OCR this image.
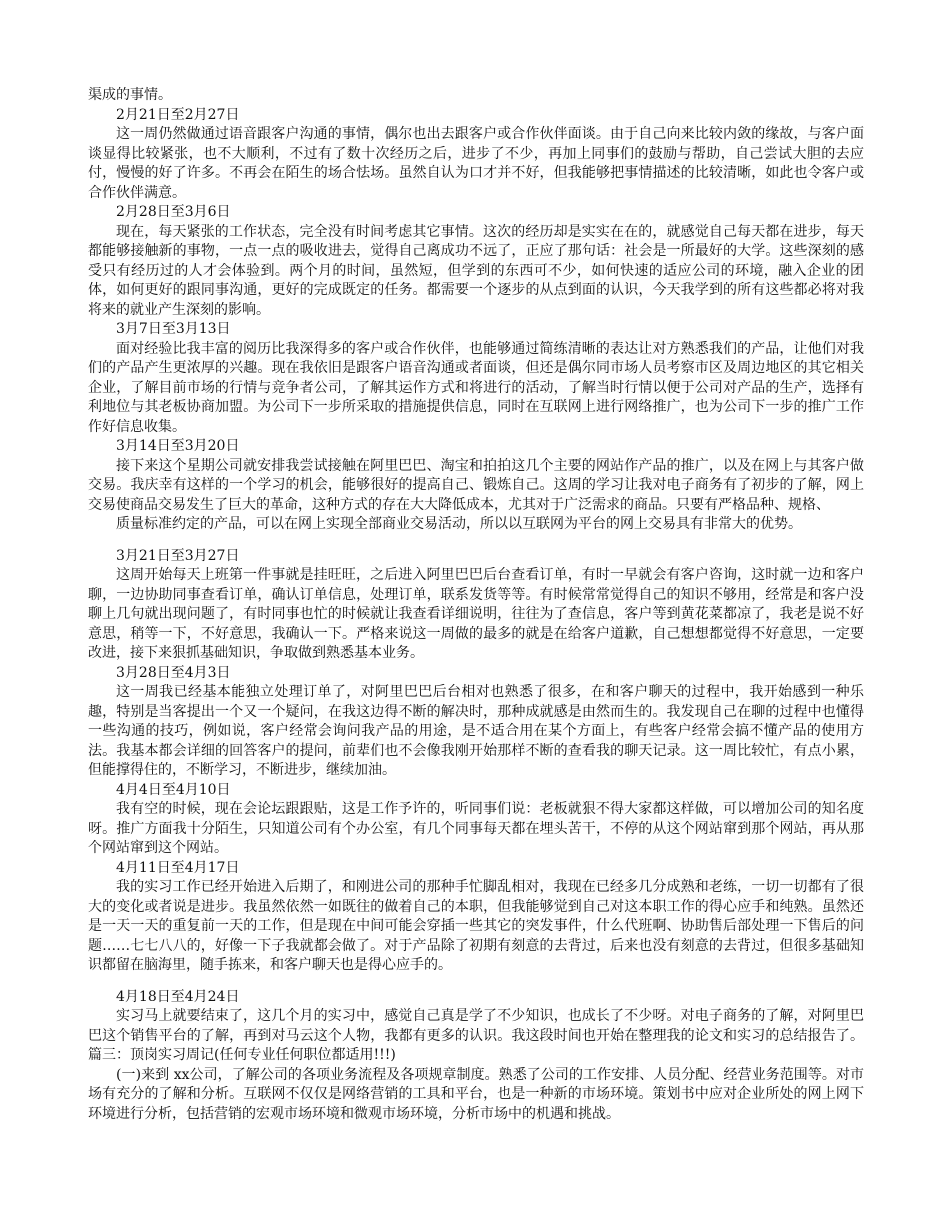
渠成的事情。

2月21日至2月27日

这一周仍然做通过语音跟客户沟通的事情，偶尔也出去跟客户或合作伙伴面谈。由于自己向来比较内敛的缘故，与客户面谈显得比较紧张，也不大顺利，不过有了数十次经历之后，进步了不少，再加上同事们的鼓励与帮助，自己尝试大胆的去应付，慢慢的好了许多。不再会在陌生的场合怯场。虽然自认为口才并不好，但我能够把事情描述的比较清晰，如此也令客户或合作伙伴满意。

2月28日至3月6日

现在，每天紧张的工作状态，完全没有时间考虑其它事情。这次的经历却是实实在在的，就感觉自己每天都在进步，每天都能够接触新的事物，一点一点的吸收进去，觉得自己离成功不远了，正应了那句话：社会是一所最好的大学。这些深刻的感受只有经历过的人才会体验到。两个月的时间，虽然短，但学到的东西可不少，如何快速的适应公司的环境，融入企业的团体，如何更好的跟同事沟通，更好的完成既定的任务。都需要一个逐步的从点到面的认识，今天我学到的所有这些都必将对我将来的就业产生深刻的影响。

3月7日至3月13日

面对经验比我丰富的阅历比我深得多的客户或合作伙伴，也能够通过简练清晰的表达让对方熟悉我们的产品，让他们对我们的产品产生更浓厚的兴趣。现在我依旧是跟客户语音沟通或者面谈，但还是偶尔同市场人员考察市区及周边地区的其它相关企业，了解目前市场的行情与竞争者公司，了解其运作方式和将进行的活动，了解当时行情以便于公司对产品的生产，选择有利地位与其老板协商加盟。为公司下一步所采取的措施提供信息，同时在互联网上进行网络推广，也为公司下一步的推广工作作好信息收集。

3月14日至3月20日

接下来这个星期公司就安排我尝试接触在阿里巴巴、淘宝和拍拍这几个主要的网站作产品的推广，以及在网上与其客户做交易。我庆幸有这样的一个学习的机会，能够很好的提高自己、锻炼自己。这周的学习让我对电子商务有了初步的了解，网上交易使商品交易发生了巨大的革命，这种方式的存在大大降低成本，尤其对于广泛需求的商品。只要有严格品种、规格、

质量标准约定的产品，可以在网上实现全部商业交易活动，所以以互联网为平台的网上交易具有非常大的优势。

3月21日至3月27日

这周开始每天上班第一件事就是挂旺旺，之后进入阿里巴巴后台查看订单，有时一早就会有客户咨询，这时就一边和客户聊，一边协助同事查看订单，确认订单信息，处理订单，联系发货等等。有时候常常觉得自己的知识不够用，经常是和客户没聊上几句就出现问题了，有时同事也忙的时候就让我查看详细说明，往往为了查信息，客户等到黄花菜都凉了，我老是说不好意思，稍等一下，不好意思，我确认一下。严格来说这一周做的最多的就是在给客户道歉，自己想想都觉得不好意思，一定要改进，接下来狠抓基础知识，争取做到熟悉基本业务。

3月28日至4月3日

这一周我已经基本能独立处理订单了，对阿里巴巴后台相对也熟悉了很多，在和客户聊天的过程中，我开始感到一种乐趣，特别是当客提出一个又一个疑问，在我这边得不断的解决时，那种成就感是由然而生的。我发现自己在聊的过程中也懂得一些沟通的技巧，例如说，客户经常会询问我产品的用途，是不适合用在某个方面上，有些客户经常会搞不懂产品的使用方法。我基本都会详细的回答客户的提问，前辈们也不会像我刚开始那样不断的查看我的聊天记录。这一周比较忙，有点小累，但能撑得住的，不断学习，不断进步，继续加油。

4月4日至4月10日

我有空的时候，现在会论坛跟跟贴，这是工作予许的，听同事们说：老板就狠不得大家都这样做，可以增加公司的知名度呀。推广方面我十分陌生，只知道公司有个办公室，有几个同事每天都在埋头苦干，不停的从这个网站窜到那个网站，再从那个网站窜到这个网站。

4月11日至4月17日

我的实习工作已经开始进入后期了，和刚进公司的那种手忙脚乱相对，我现在已经多几分成熟和老练，一切一切都有了很大的变化或者说是进步。我虽然依然一如既往的做着自己的本职，但我能够觉到自己对这本职工作的得心应手和纯熟。虽然还是一天一天的重复前一天的工作，但是现在中间可能会穿插一些其它的突发事件，什么代班啊、协助售后部处理一下售后的问题……七七八八的，好像一下子我就都会做了。对于产品除了初期有刻意的去背过，后来也没有刻意的去背过，但很多基础知识都留在脑海里，随手拣来，和客户聊天也是得心应手的。

4月18日至4月24日

实习马上就要结束了，这几个月的实习中，感觉自己真是学了不少知识，也成长了不少呀。对电子商务的了解，对阿里巴巴这个销售平台的了解，再到对马云这个人物，我都有更多的认识。我这段时间也开始在整理我的论文和实习的总结报告了。篇三：顶岗实习周记(任何专业任何职位都适用!!!)

(一)来到 xx公司，了解公司的各项业务流程及各项规章制度。熟悉了公司的工作安排、人员分配、经营业务范围等。对市场有充分的了解和分析。互联网不仅仅是网络营销的工具和平台，也是一种新的市场环境。策划书中应对企业所处的网上网下环境进行分析，包括营销的宏观市场环境和微观市场环境，分析市场中的机遇和挑战。
